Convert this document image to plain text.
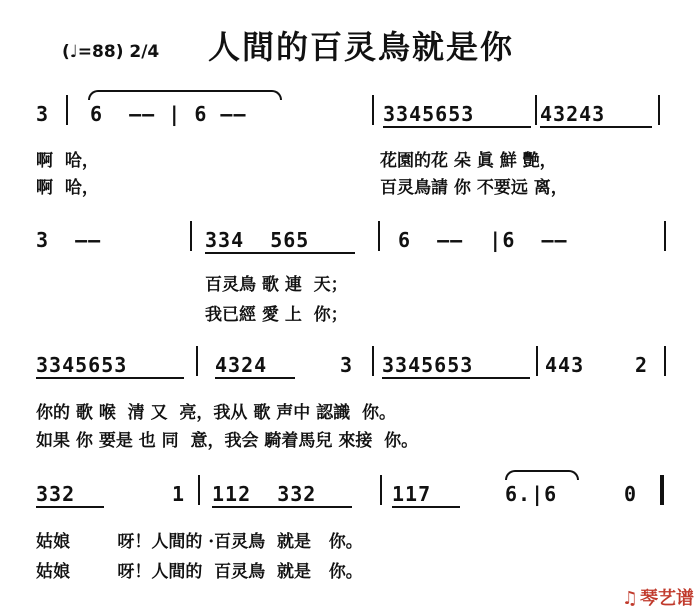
(♩=88) 2/4 人間的百灵鳥就是你
3 6  —— | 6 ——	3345653	43243
啊  哈，	花園的花 朵 眞 鮮 艷，
啊  哈，	百灵鳥請 你 不要远 离，
3  ——	334  565	6  ——  |6  ——
百灵鳥 歌 連  天；
我已經 愛 上  你；
3345653	4324	3 3345653	443	2
你的 歌 喉  清 又  亮，我从 歌 声中 認識  你。
如果 你 要是 也 同  意，我会 騎着馬兒 來接  你。
332	1 112  332	117	6.|6	0
姑娘        呀！人間的 ·百灵鳥  就是   你。
姑娘        呀！人間的  百灵鳥  就是   你。
♫ 琴艺谱
